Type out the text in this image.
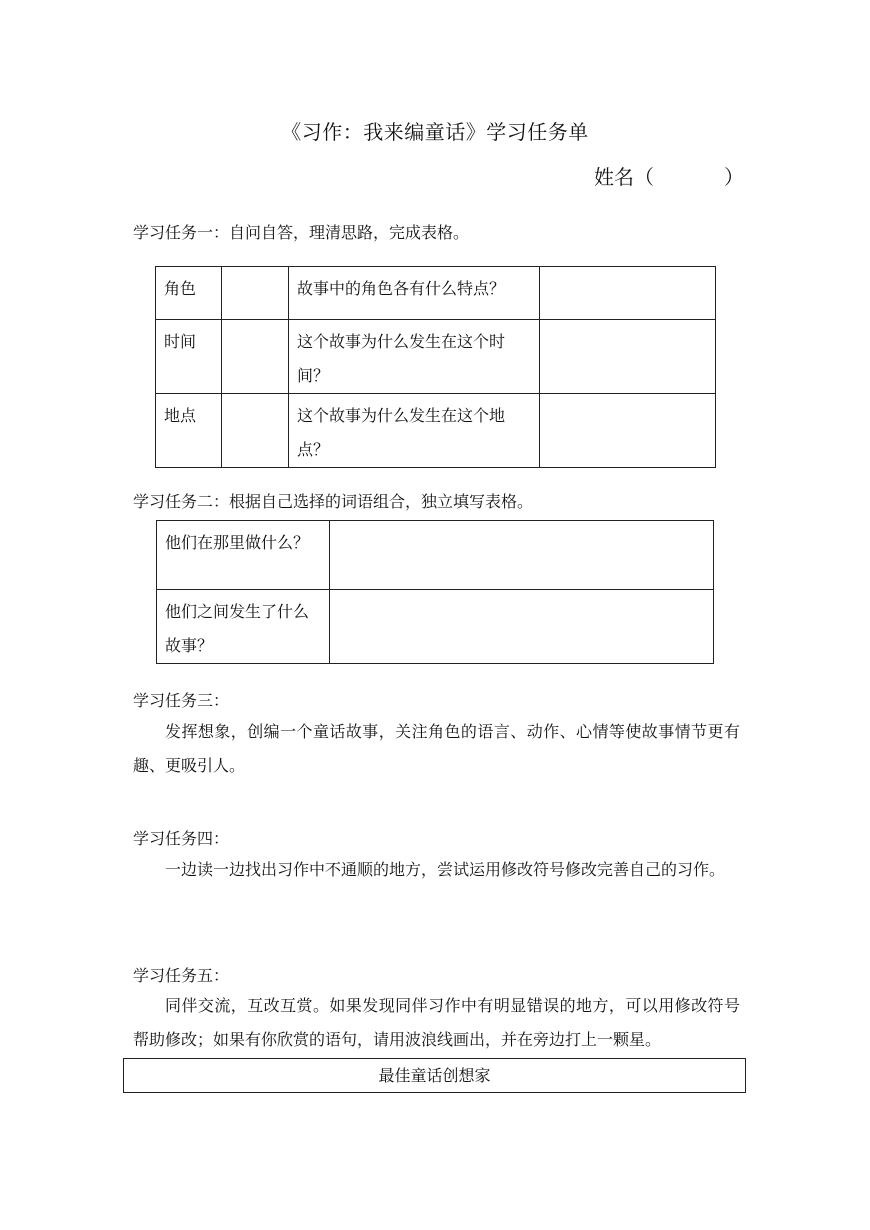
《习作：我来编童话》学习任务单
姓名（	）
学习任务一：自问自答，理清思路，完成表格。
角色		故事中的角色各有什么特点？	
时间		这个故事为什么发生在这个时间？	
地点		这个故事为什么发生在这个地点？	
学习任务二：根据自己选择的词语组合，独立填写表格。
他们在那里做什么？	
他们之间发生了什么故事？	
学习任务三：
发挥想象，创编一个童话故事，关注角色的语言、动作、心情等使故事情节更有趣、更吸引人。
学习任务四：
一边读一边找出习作中不通顺的地方，尝试运用修改符号修改完善自己的习作。
学习任务五：
同伴交流，互改互赏。如果发现同伴习作中有明显错误的地方，可以用修改符号帮助修改；如果有你欣赏的语句，请用波浪线画出，并在旁边打上一颗星。
最佳童话创想家
